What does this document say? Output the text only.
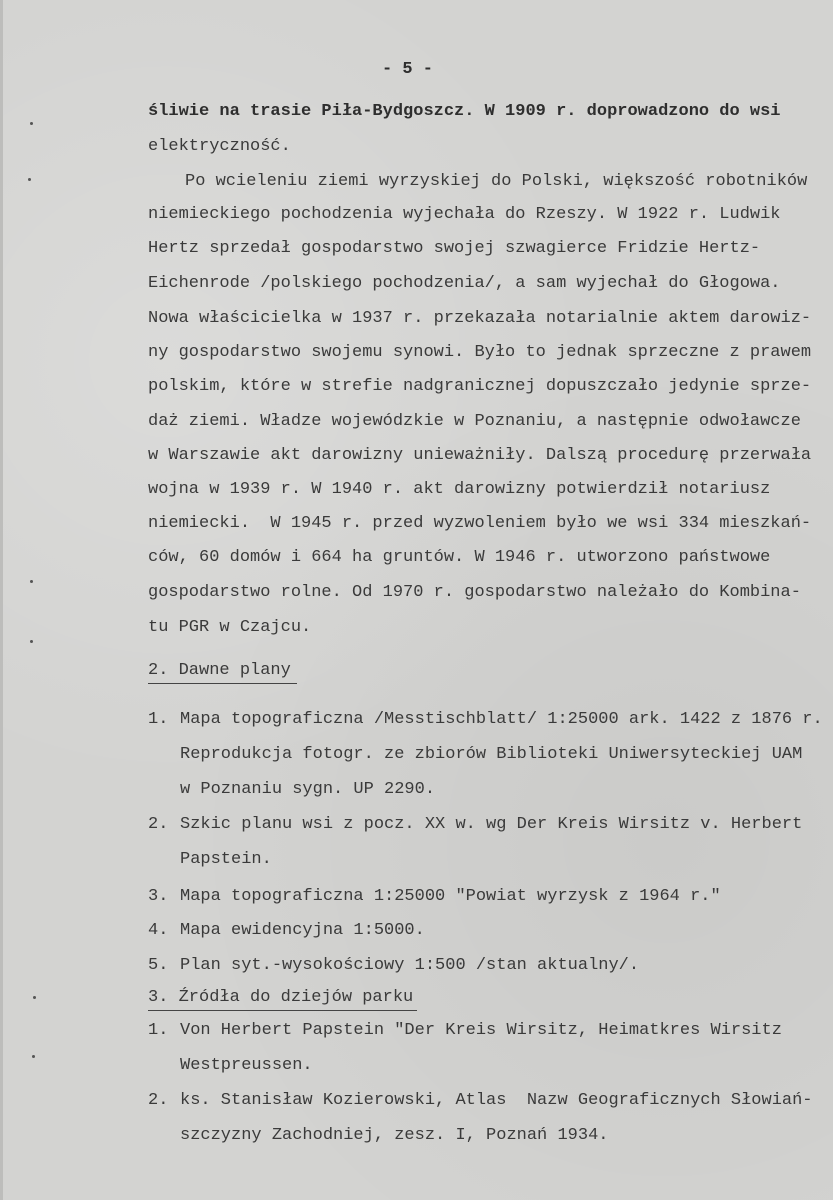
- 5 -
śliwie na trasie Piła-Bydgoszcz. W 1909 r. doprowadzono do wsi
elektryczność.
Po wcieleniu ziemi wyrzyskiej do Polski, większość robotników
niemieckiego pochodzenia wyjechała do Rzeszy. W 1922 r. Ludwik
Hertz sprzedał gospodarstwo swojej szwagierce Fridzie Hertz-
Eichenrode /polskiego pochodzenia/, a sam wyjechał do Głogowa.
Nowa właścicielka w 1937 r. przekazała notarialnie aktem darowiz-
ny gospodarstwo swojemu synowi. Było to jednak sprzeczne z prawem
polskim, które w strefie nadgranicznej dopuszczało jedynie sprze-
daż ziemi. Władze wojewódzkie w Poznaniu, a następnie odwoławcze
w Warszawie akt darowizny unieważniły. Dalszą procedurę przerwała
wojna w 1939 r. W 1940 r. akt darowizny potwierdził notariusz
niemiecki.  W 1945 r. przed wyzwoleniem było we wsi 334 mieszkań-
ców, 60 domów i 664 ha gruntów. W 1946 r. utworzono państwowe
gospodarstwo rolne. Od 1970 r. gospodarstwo należało do Kombina-
tu PGR w Czajcu.
2. Dawne plany
1. Mapa topograficzna /Messtischblatt/ 1:25000 ark. 1422 z 1876 r.
Reprodukcja fotogr. ze zbiorów Biblioteki Uniwersyteckiej UAM
w Poznaniu sygn. UP 2290.
2. Szkic planu wsi z pocz. XX w. wg Der Kreis Wirsitz v. Herbert
Papstein.
3. Mapa topograficzna 1:25000 "Powiat wyrzysk z 1964 r."
4. Mapa ewidencyjna 1:5000.
5. Plan syt.-wysokościowy 1:500 /stan aktualny/.
3. Źródła do dziejów parku
1. Von Herbert Papstein "Der Kreis Wirsitz, Heimatkres Wirsitz
Westpreussen.
2. ks. Stanisław Kozierowski, Atlas  Nazw Geograficznych Słowiań-
szczyzny Zachodniej, zesz. I, Poznań 1934.
